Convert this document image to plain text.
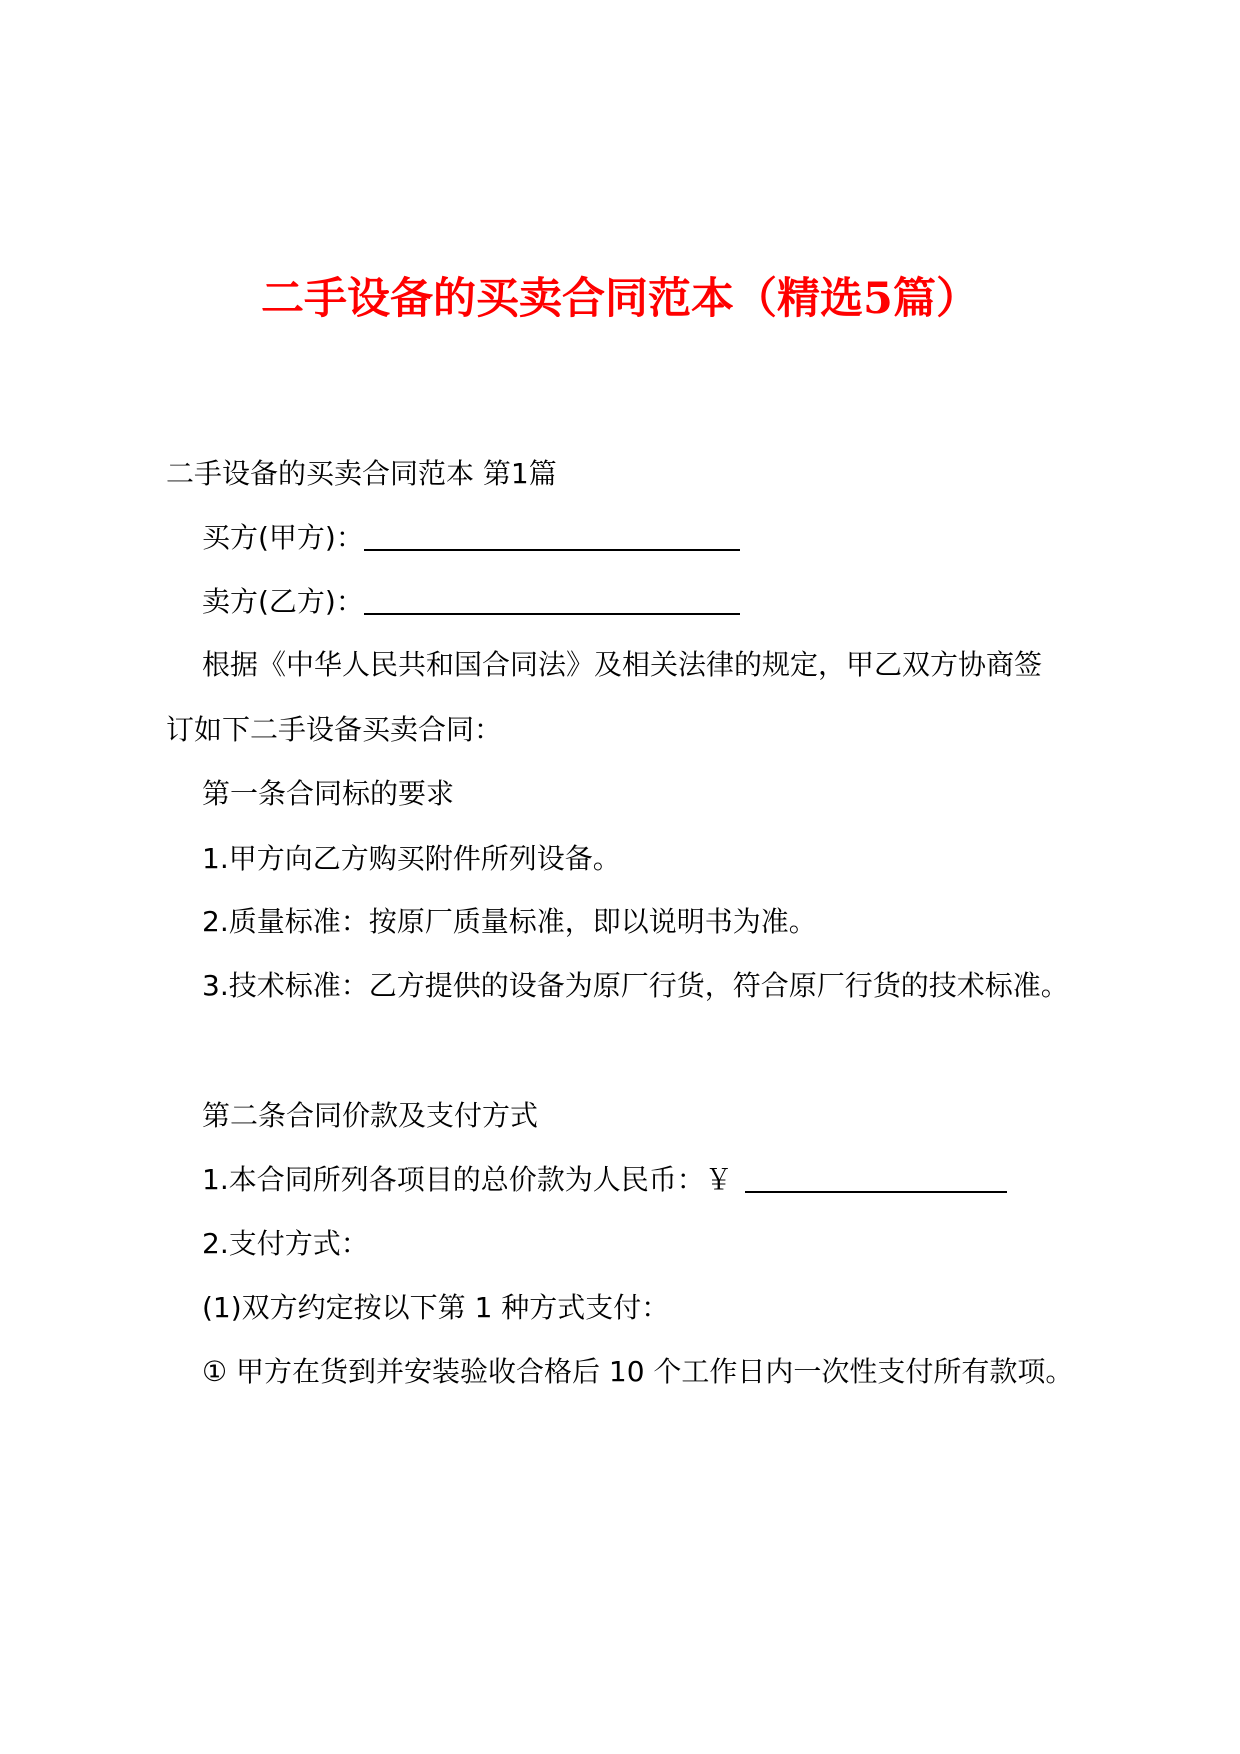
二手设备的买卖合同范本（精选5篇）
二手设备的买卖合同范本 第1篇
买方(甲方)：
卖方(乙方)：
根据《中华人民共和国合同法》及相关法律的规定，甲乙双方协商签
订如下二手设备买卖合同：
第一条合同标的要求
1.甲方向乙方购买附件所列设备。
2.质量标准：按原厂质量标准，即以说明书为准。
3.技术标准：乙方提供的设备为原厂行货，符合原厂行货的技术标准。
第二条合同价款及支付方式
1.本合同所列各项目的总价款为人民币：￥
2.支付方式：
(1)双方约定按以下第 1 种方式支付：
① 甲方在货到并安装验收合格后 10 个工作日内一次性支付所有款项。
